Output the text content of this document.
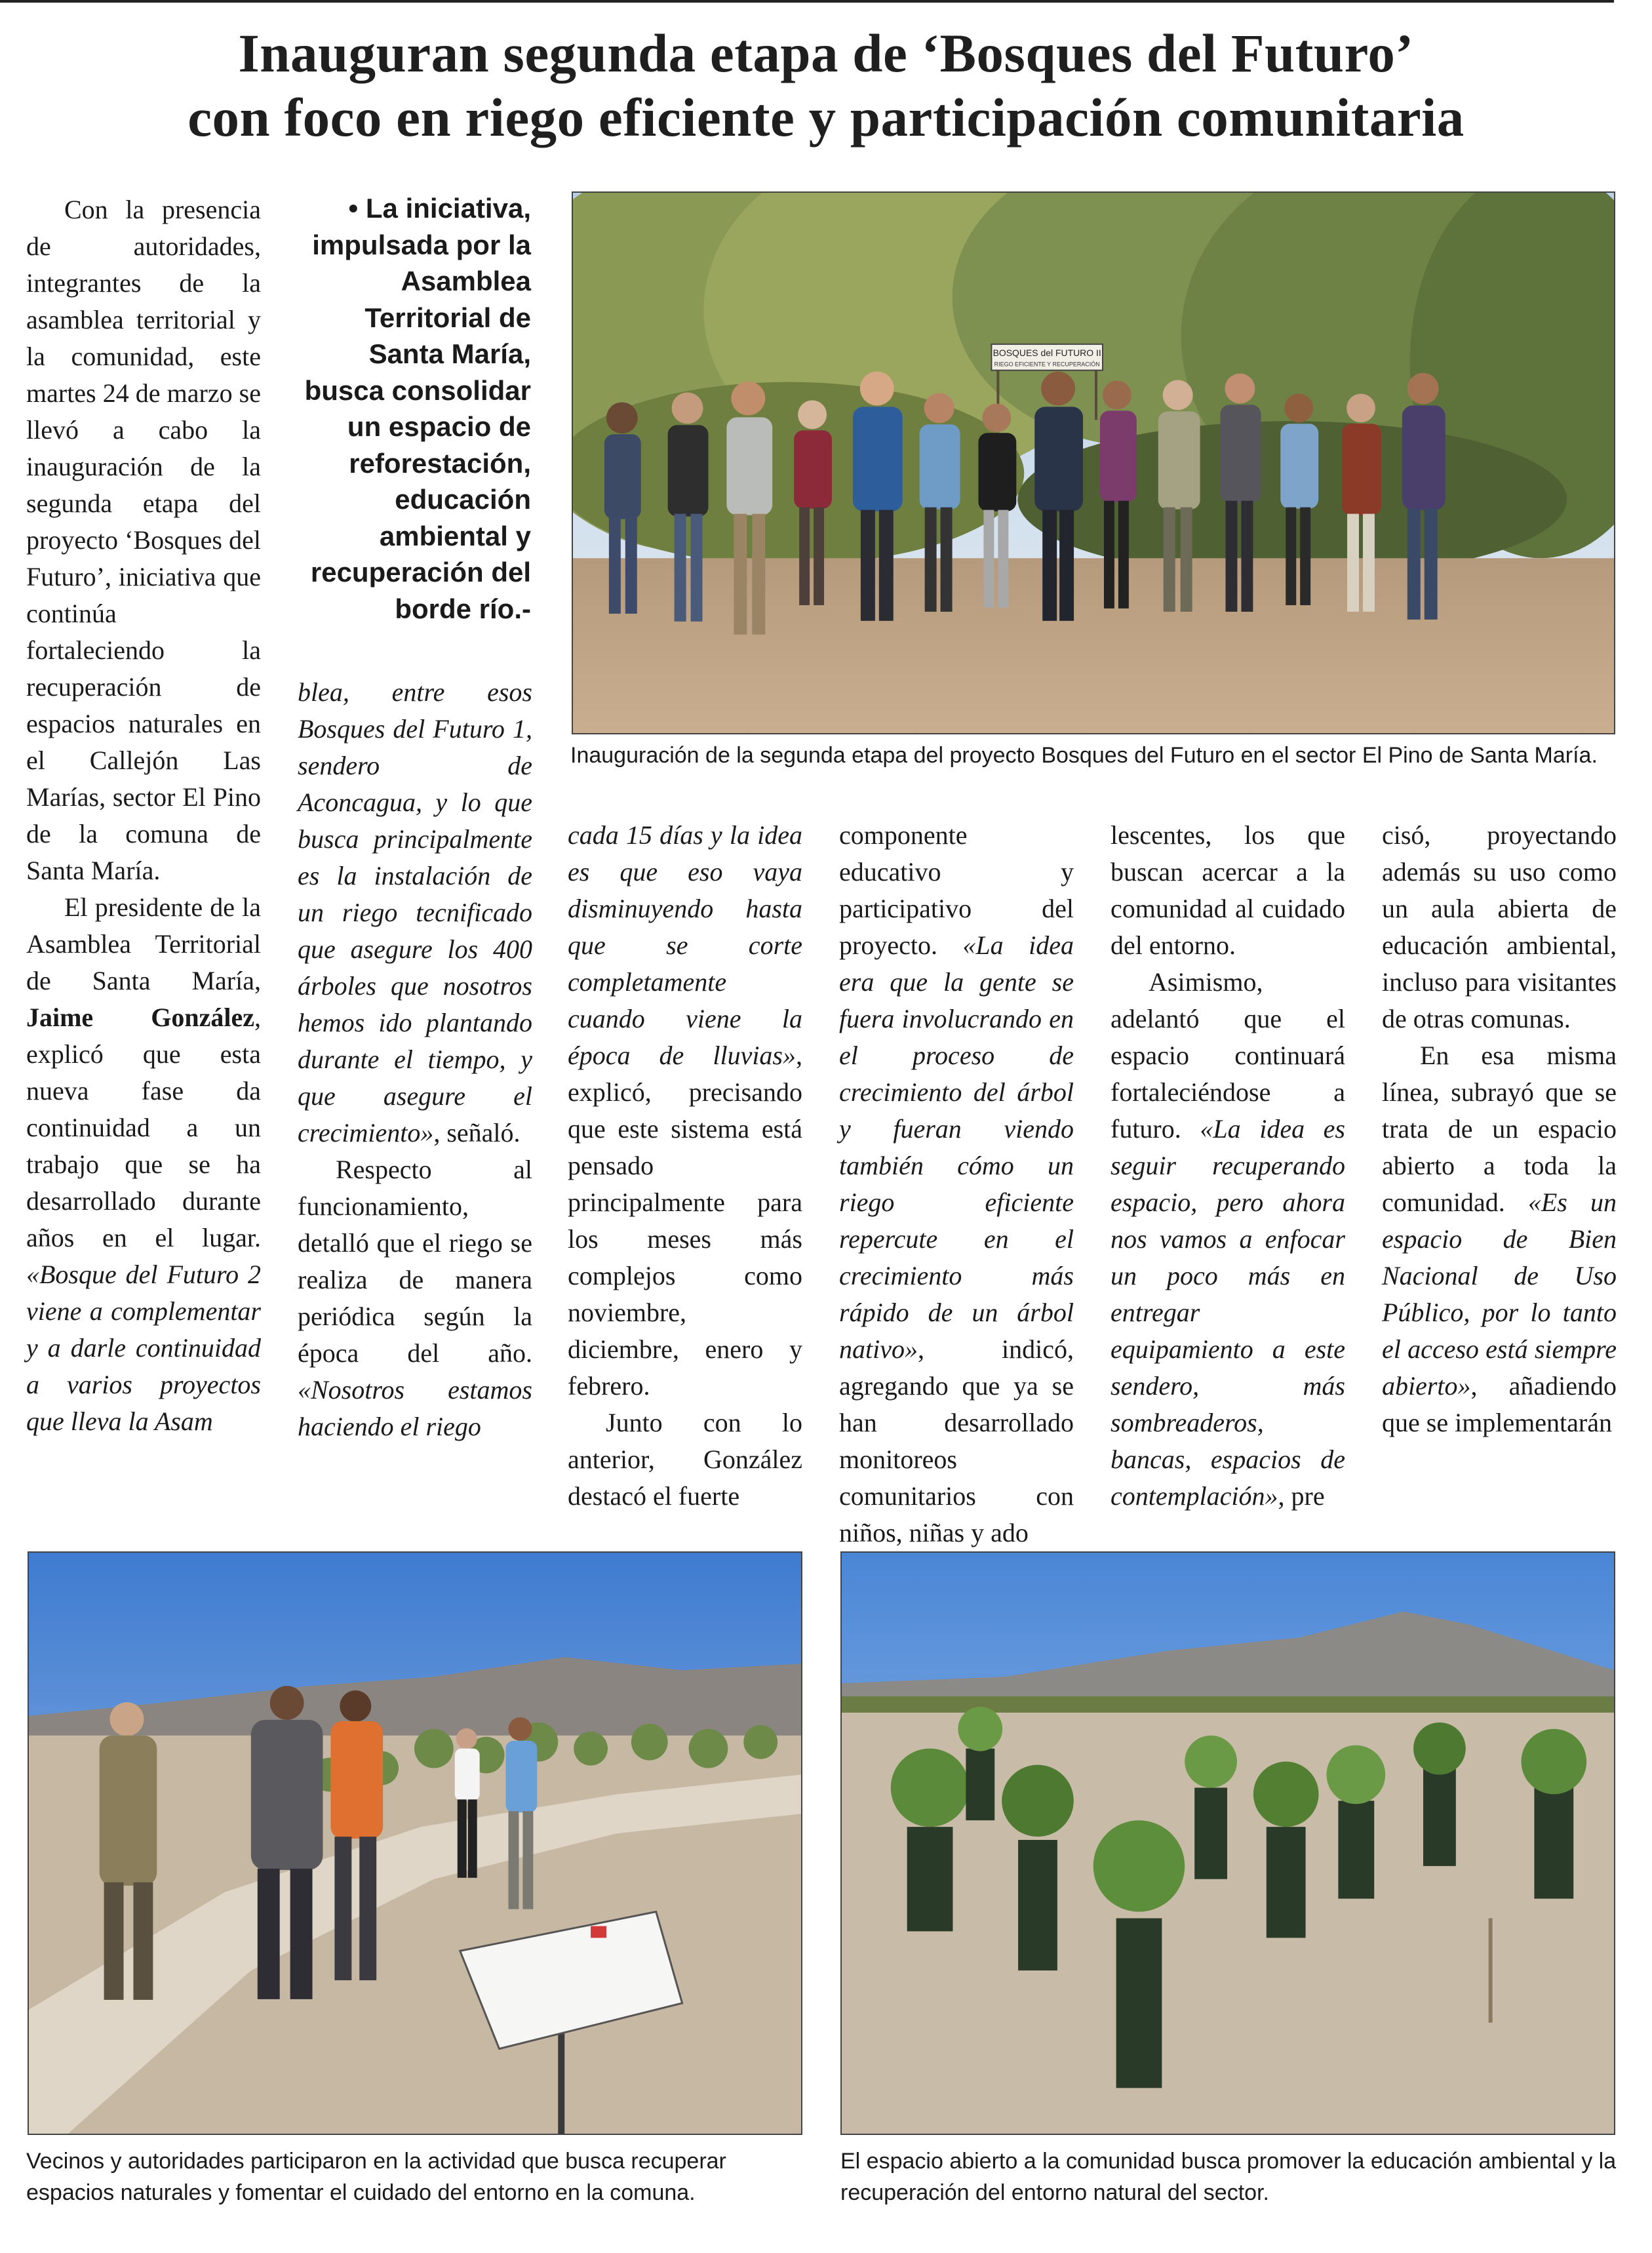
Inauguran segunda etapa de ‘Bosques del Futuro’
con foco en riego eficiente y participación comunitaria
• La iniciativa, impulsada por la Asamblea Territorial de Santa María, busca consolidar un espacio de reforestación, educación ambiental y recuperación del borde río.-
BOSQUES del FUTURO II
RIEGO EFICIENTE Y RECUPERACIÓN
Inauguración de la segunda etapa del proyecto Bosques del Futuro en el sector El Pino de Santa María.

Con la presencia de autoridades, integrantes de la asamblea territorial y la comunidad, este martes 24 de marzo se llevó a cabo la inauguración de la segunda etapa del proyecto ‘Bosques del Futuro’, iniciativa que continúa fortaleciendo la recuperación de espacios naturales en el Callejón Las Marías, sector El Pino de la comuna de Santa María.

El presidente de la Asamblea Territorial de Santa María, Jaime González, explicó que esta nueva fase da continuidad a un trabajo que se ha desarrollado durante años en el lugar. «Bosque del Futuro 2 viene a complementar y a darle continuidad a varios proyectos que lleva la Asam

blea, entre esos Bosques del Futuro 1, sendero de Aconcagua, y lo que busca principalmente es la instalación de un riego tecnificado que asegure los 400 árboles que nosotros hemos ido plantando durante el tiempo, y que asegure el crecimiento», señaló.

Respecto al funcionamiento, detalló que el riego se realiza de manera periódica según la época del año. «Nosotros estamos haciendo el riego

cada 15 días y la idea es que eso vaya disminuyendo hasta que se corte completamente cuando viene la época de lluvias», explicó, precisando que este sistema está pensado principalmente para los meses más complejos como noviembre, diciembre, enero y febrero.

Junto con lo anterior, González destacó el fuerte

componente educativo y participativo del proyecto. «La idea era que la gente se fuera involucrando en el proceso de crecimiento del árbol y fueran viendo también cómo un riego eficiente repercute en el crecimiento más rápido de un árbol nativo», indicó, agregando que ya se han desarrollado monitoreos comunitarios con niños, niñas y ado

lescentes, los que buscan acercar a la comunidad al cuidado del entorno.

Asimismo, adelantó que el espacio continuará fortaleciéndose a futuro. «La idea es seguir recuperando espacio, pero ahora nos vamos a enfocar un poco más en entregar equipamiento a este sendero, más sombreaderos, bancas, espacios de contemplación», pre

cisó, proyectando además su uso como un aula abierta de educación ambiental, incluso para visitantes de otras comunas.

En esa misma línea, subrayó que se trata de un espacio abierto a toda la comunidad. «Es un espacio de Bien Nacional de Uso Público, por lo tanto el acceso está siempre abierto», añadiendo que se implementarán

Vecinos y autoridades participaron en la actividad que busca recuperar espacios naturales y fomentar el cuidado del entorno en la comuna.
El espacio abierto a la comunidad busca promover la educación ambiental y la recuperación del entorno natural del sector.
